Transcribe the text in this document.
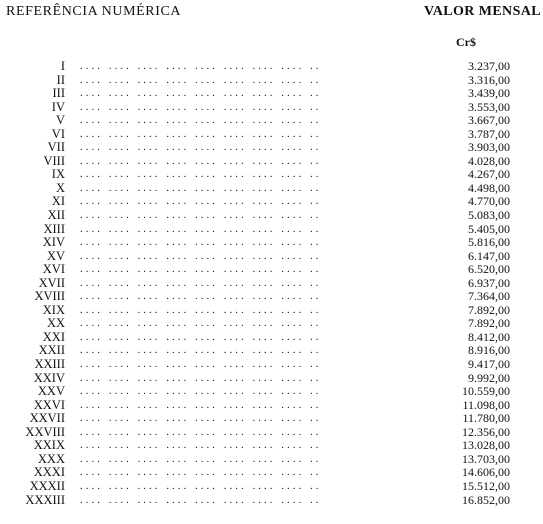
REFERÊNCIA NUMÉRICA	VALOR MENSAL
Cr$
I .... .... .... .... .... .... .... .... ..	3.237,00
II .... .... .... .... .... .... .... .... ..	3.316,00
III .... .... .... .... .... .... .... .... ..	3.439,00
IV .... .... .... .... .... .... .... .... ..	3.553,00
V .... .... .... .... .... .... .... .... ..	3.667,00
VI .... .... .... .... .... .... .... .... ..	3.787,00
VII .... .... .... .... .... .... .... .... ..	3.903,00
VIII .... .... .... .... .... .... .... .... ..	4.028,00
IX .... .... .... .... .... .... .... .... ..	4.267,00
X .... .... .... .... .... .... .... .... ..	4.498,00
XI .... .... .... .... .... .... .... .... ..	4.770,00
XII .... .... .... .... .... .... .... .... ..	5.083,00
XIII .... .... .... .... .... .... .... .... ..	5.405,00
XIV .... .... .... .... .... .... .... .... ..	5.816,00
XV .... .... .... .... .... .... .... .... ..	6.147,00
XVI .... .... .... .... .... .... .... .... ..	6.520,00
XVII .... .... .... .... .... .... .... .... ..	6.937,00
XVIII .... .... .... .... .... .... .... .... ..	7.364,00
XIX .... .... .... .... .... .... .... .... ..	7.892,00
XX .... .... .... .... .... .... .... .... ..	7.892,00
XXI .... .... .... .... .... .... .... .... ..	8.412,00
XXII .... .... .... .... .... .... .... .... ..	8.916,00
XXIII .... .... .... .... .... .... .... .... ..	9.417,00
XXIV .... .... .... .... .... .... .... .... ..	9.992,00
XXV .... .... .... .... .... .... .... .... ..	10.559,00
XXVI .... .... .... .... .... .... .... .... ..	11.098,00
XXVII .... .... .... .... .... .... .... .... ..	11.780,00
XXVIII .... .... .... .... .... .... .... .... ..	12.356,00
XXIX .... .... .... .... .... .... .... .... ..	13.028,00
XXX .... .... .... .... .... .... .... .... ..	13.703,00
XXXI .... .... .... .... .... .... .... .... ..	14.606,00
XXXII .... .... .... .... .... .... .... .... ..	15.512,00
XXXIII .... .... .... .... .... .... .... .... ..	16.852,00
